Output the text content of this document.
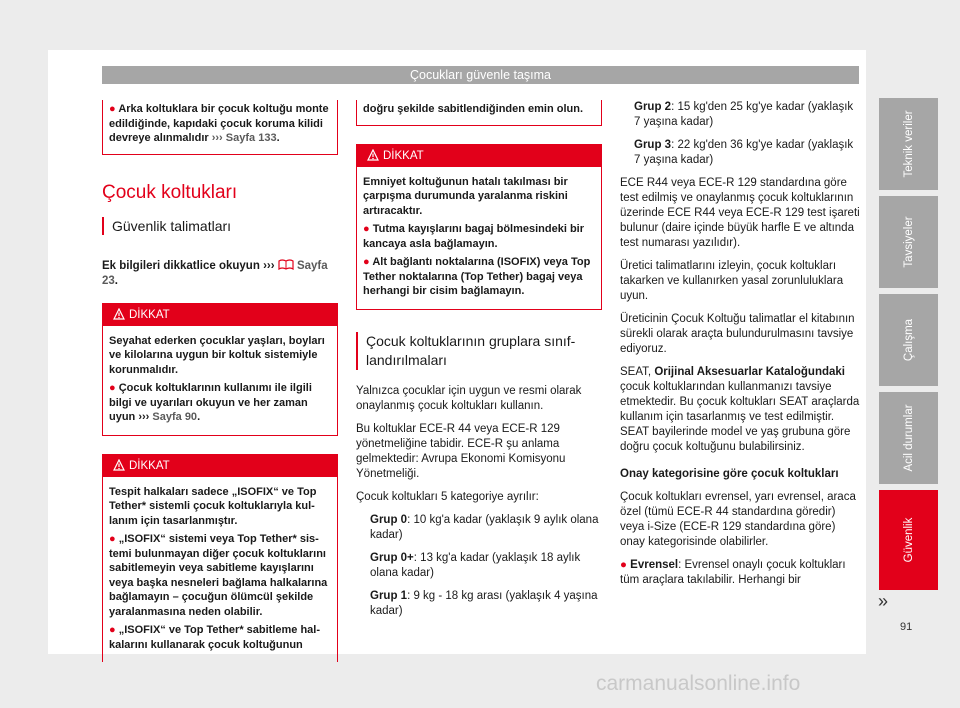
Çocukları güvenle taşıma
● Arka koltuklara bir çocuk koltuğu monte edildiğinde, kapıdaki çocuk koruma kilidi devreye alınmalıdır ››› Sayfa 133.
Çocuk koltukları
Güvenlik talimatları

Ek bilgileri dikkatlice okuyun ››› Sayfa 23.

DİKKAT

Seyahat ederken çocuklar yaşları, boyları ve kilolarına uygun bir koltuk sistemiyle korunmalıdır.

● Çocuk koltuklarının kullanımı ile ilgili bilgi ve uyarıları okuyun ve her zaman uyun ››› Sayfa 90.

DİKKAT

Tespit halkaları sadece „ISOFIX“ ve Top Tether* sistemli çocuk koltuklarıyla kullanım için tasarlanmıştır.

● „ISOFIX“ sistemi veya Top Tether* sistemi bulunmayan diğer çocuk koltuklarını sabitlemeyin veya sabitleme kayışlarını veya başka nesneleri bağlama halkalarına bağlamayın – çocuğun ölümcül şekilde yaralanmasına neden olabilir.

● „ISOFIX“ ve Top Tether* sabitleme halkalarını kullanarak çocuk koltuğunun

doğru şekilde sabitlendiğinden emin olun.
DİKKAT

Emniyet koltuğunun hatalı takılması bir çarpışma durumunda yaralanma riskini artıracaktır.

● Tutma kayışlarını bagaj bölmesindeki bir kancaya asla bağlamayın.

● Alt bağlantı noktalarına (ISOFIX) veya Top Tether noktalarına (Top Tether) bagaj veya herhangi bir cisim bağlamayın.

Çocuk koltuklarının gruplara sınıflandırılmaları

Yalnızca çocuklar için uygun ve resmi olarak onaylanmış çocuk koltukları kullanın.

Bu koltuklar ECE-R 44 veya ECE-R 129 yönetmeliğine tabidir. ECE-R şu anlama gelmektedir: Avrupa Ekonomi Komisyonu Yönetmeliği.

Çocuk koltukları 5 kategoriye ayrılır:

Grup 0: 10 kg'a kadar (yaklaşık 9 aylık olana kadar)

Grup 0+: 13 kg'a kadar (yaklaşık 18 aylık olana kadar)

Grup 1: 9 kg - 18 kg arası (yaklaşık 4 yaşına kadar)

Grup 2: 15 kg'den 25 kg'ye kadar (yaklaşık 7 yaşına kadar)

Grup 3: 22 kg'den 36 kg'ye kadar (yaklaşık 7 yaşına kadar)

ECE R44 veya ECE-R 129 standardına göre test edilmiş ve onaylanmış çocuk koltuklarının üzerinde ECE R44 veya ECE-R 129 test işareti bulunur (daire içinde büyük harfle E ve altında test numarası yazılıdır).

Üretici talimatlarını izleyin, çocuk koltukları takarken ve kullanırken yasal zorunluluklara uyun.

Üreticinin Çocuk Koltuğu talimatlar el kitabının sürekli olarak araçta bulundurulmasını tavsiye ediyoruz.

SEAT, Orijinal Aksesuarlar Kataloğundaki çocuk koltuklarından kullanmanızı tavsiye etmektedir. Bu çocuk koltukları SEAT araçlarda kullanım için tasarlanmış ve test edilmiştir. SEAT bayilerinde model ve yaş grubuna göre doğru çocuk koltuğunu bulabilirsiniz.

Onay kategorisine göre çocuk koltukları

Çocuk koltukları evrensel, yarı evrensel, araca özel (tümü ECE-R 44 standardına göredir) veya i-Size (ECE-R 129 standardına göre) onay kategorisinde olabilirler.

● Evrensel: Evrensel onaylı çocuk koltukları tüm araçlara takılabilir. Herhangi bir

Teknik veriler
Tavsiyeler
Çalışma
Acil durumlar
Güvenlik
»
91
carmanualsonline.info
